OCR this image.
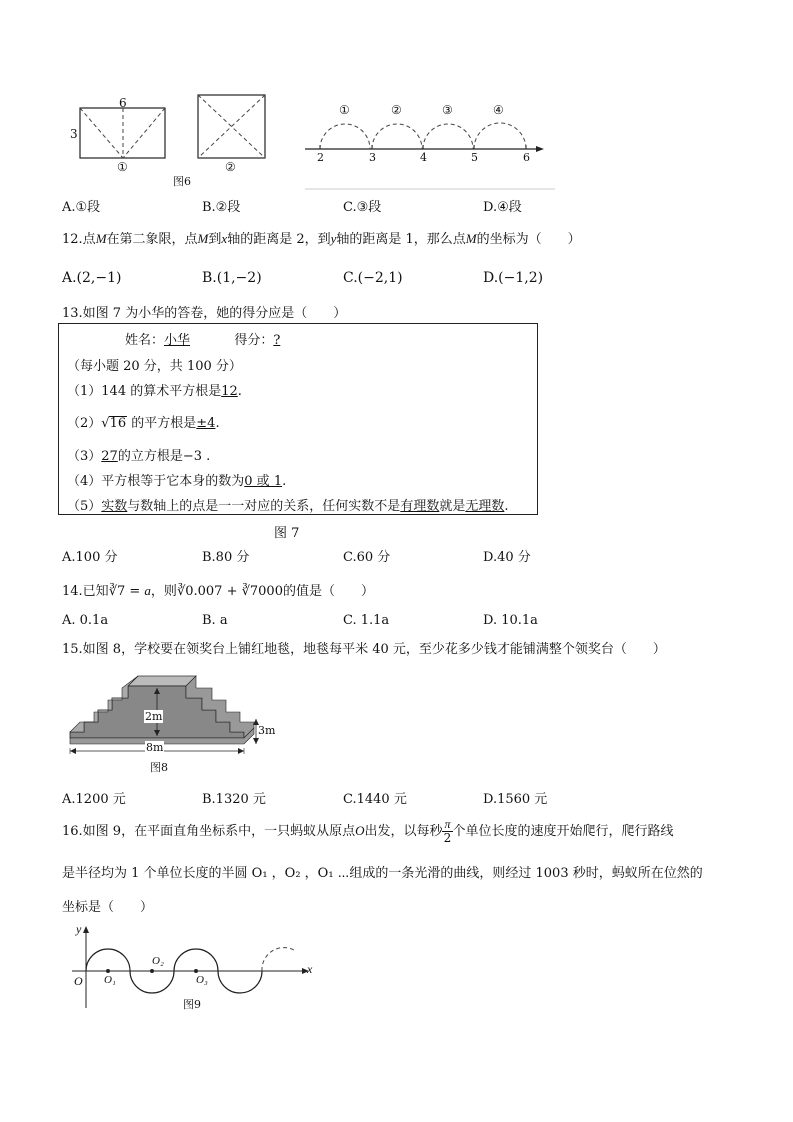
6
3
①	②
图6
①	②	③	④
2	3	4	5	6
A.①段	B.②段	C.③段	D.④段
12.点M在第二象限，点M到x轴的距离是 2，到y轴的距离是 1，那么点M的坐标为（　　）
A.(2,−1)	B.(1,−2)	C.(−2,1)	D.(−1,2)
13.如图 7 为小华的答卷，她的得分应是（　　）
姓名：小华	得分：?
（每小题 20 分，共 100 分）
（1）144 的算术平方根是12.
（2）√16 的平方根是±4.
（3）27的立方根是−3 .
（4）平方根等于它本身的数为0 或 1.
（5）实数与数轴上的点是一一对应的关系，任何实数不是有理数就是无理数.
图 7
A.100 分	B.80 分	C.60 分	D.40 分
14.已知∛7 = a，则∛0.007 + ∛7000的值是（　　）
A. 0.1a	B. a	C. 1.1a	D. 10.1a
15.如图 8，学校要在领奖台上铺红地毯，地毯每平米 40 元，至少花多少钱才能铺满整个领奖台（　　）
2m
8m
3m
图8
A.1200 元	B.1320 元	C.1440 元	D.1560 元
16.如图 9，在平面直角坐标系中，一只蚂蚁从原点O出发，以每秒 $\frac{\pi}{2}$ 个单位长度的速度开始爬行，爬行路线
是半径均为 1 个单位长度的半圆 O₁ ，O₂ ，O₁ ⋯组成的一条光滑的曲线，则经过 1003 秒时，蚂蚁所在位然的
坐标是（　　）
y
x
O O₁
O₂
O₃
图9
